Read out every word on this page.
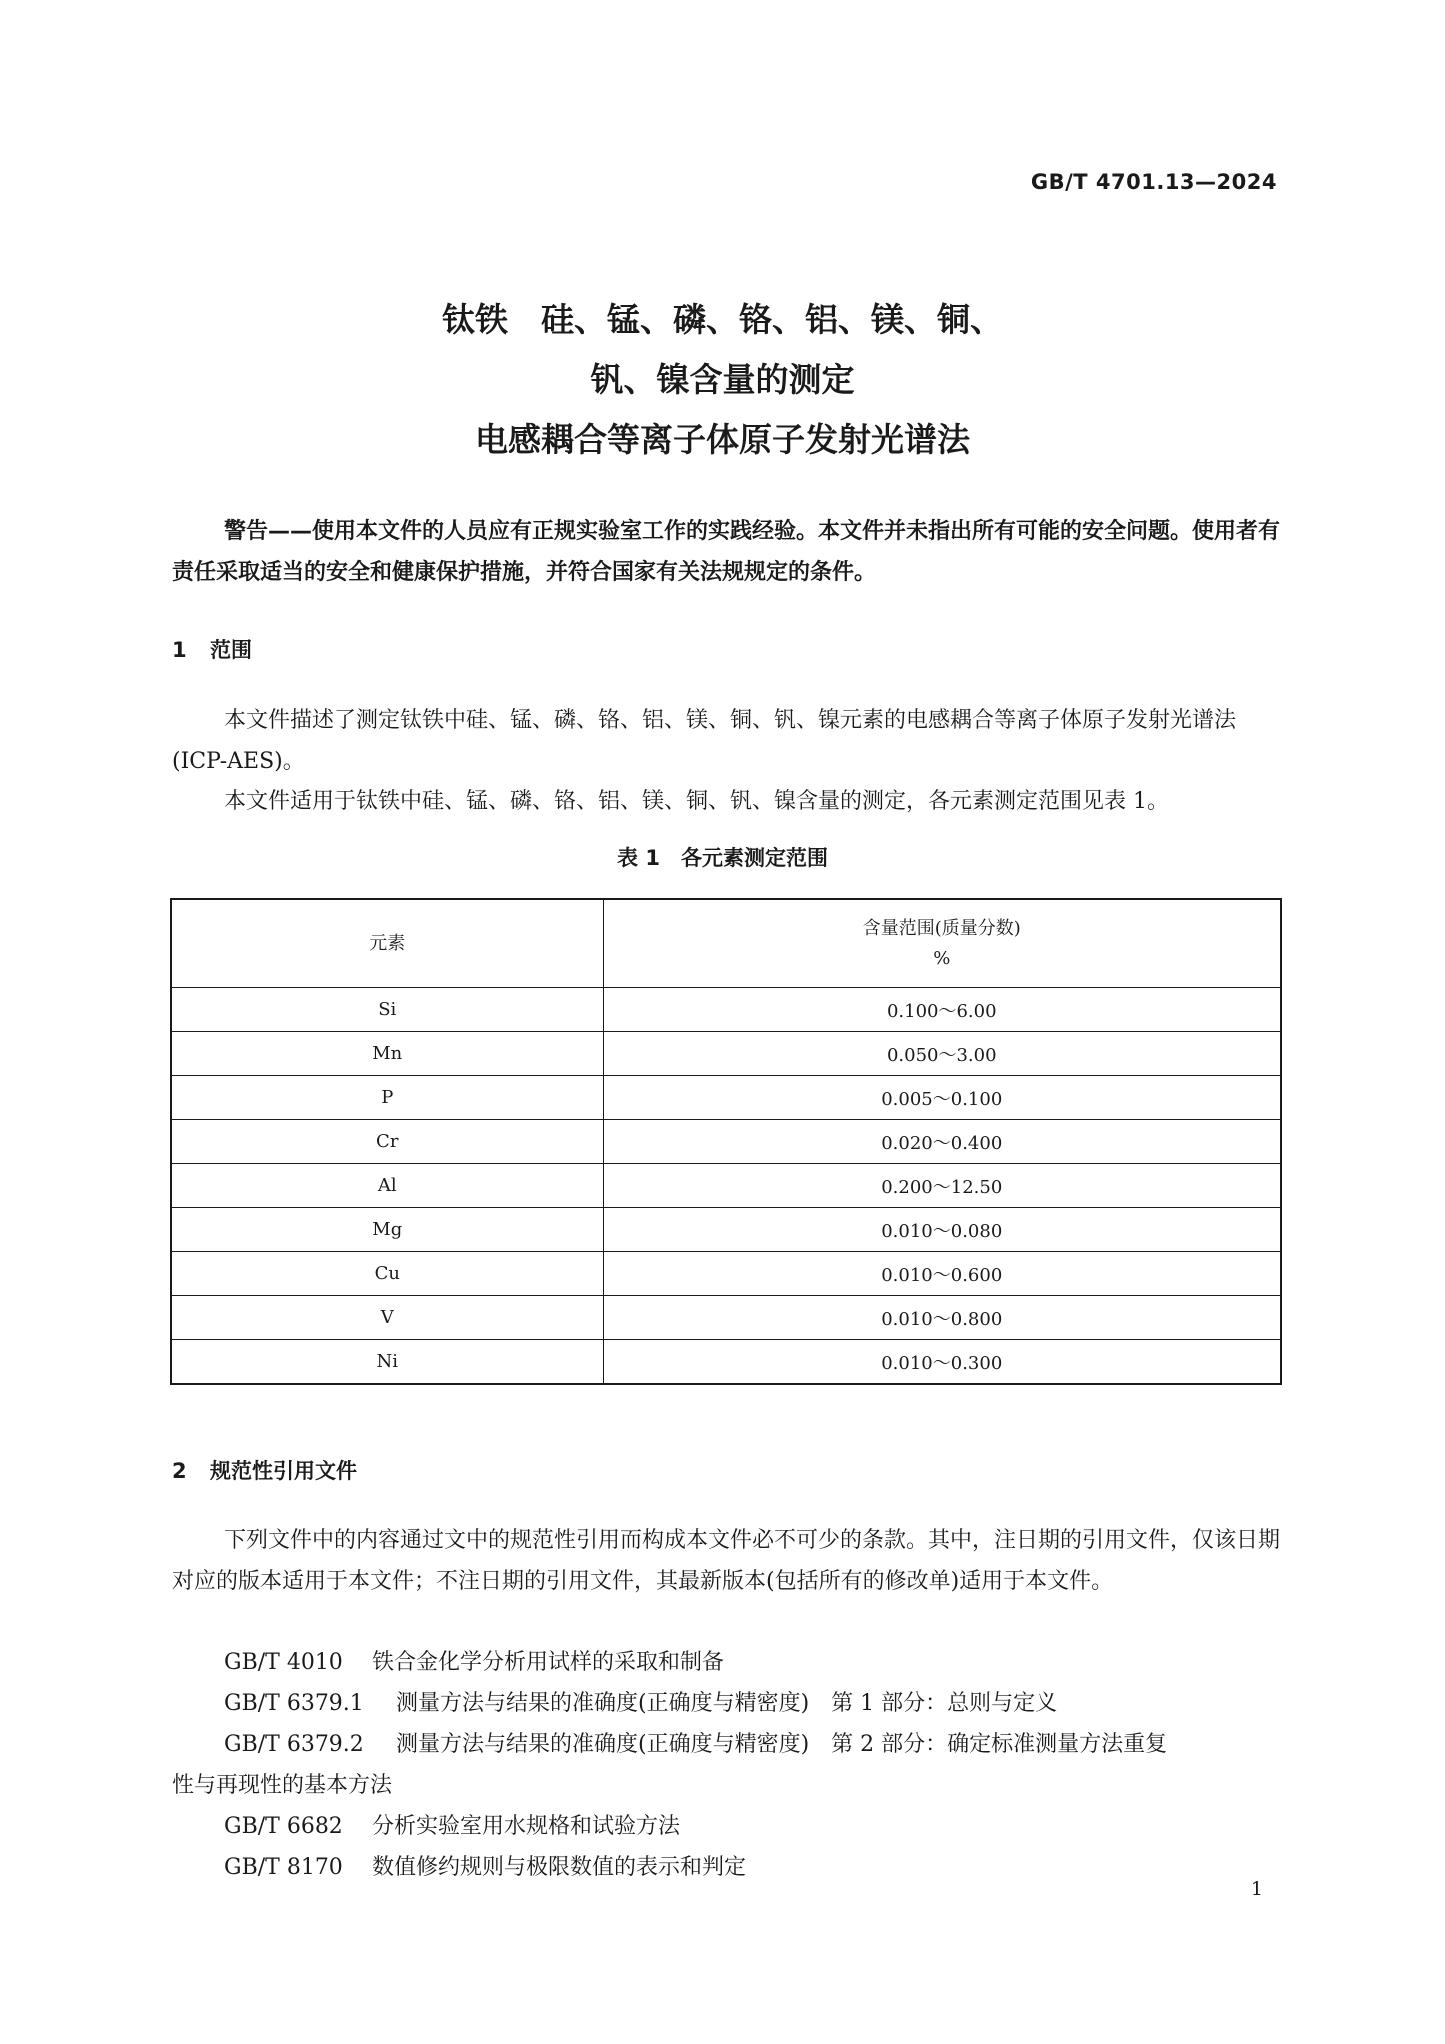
GB/T 4701.13—2024
钛铁　硅、锰、磷、铬、铝、镁、铜、
钒、镍含量的测定
电感耦合等离子体原子发射光谱法
警告——使用本文件的人员应有正规实验室工作的实践经验。本文件并未指出所有可能的安全问题。使用者有责任采取适当的安全和健康保护措施，并符合国家有关法规规定的条件。
1 范围
本文件描述了测定钛铁中硅、锰、磷、铬、铝、镁、铜、钒、镍元素的电感耦合等离子体原子发射光谱法(ICP-AES)。
本文件适用于钛铁中硅、锰、磷、铬、铝、镁、铜、钒、镍含量的测定，各元素测定范围见表 1。
表 1　各元素测定范围
元素	含量范围(质量分数)
%

Si	0.100～6.00
Mn	0.050～3.00
P	0.005～0.100
Cr	0.020～0.400
Al	0.200～12.50
Mg	0.010～0.080
Cu	0.010～0.600
V	0.010～0.800
Ni	0.010～0.300
2 规范性引用文件
下列文件中的内容通过文中的规范性引用而构成本文件必不可少的条款。其中，注日期的引用文件，仅该日期对应的版本适用于本文件；不注日期的引用文件，其最新版本(包括所有的修改单)适用于本文件。
GB/T 4010 铁合金化学分析用试样的采取和制备
GB/T 6379.1 测量方法与结果的准确度(正确度与精密度)　第 1 部分：总则与定义
GB/T 6379.2 测量方法与结果的准确度(正确度与精密度)　第 2 部分：确定标准测量方法重复
性与再现性的基本方法
GB/T 6682 分析实验室用水规格和试验方法
GB/T 8170 数值修约规则与极限数值的表示和判定
1
